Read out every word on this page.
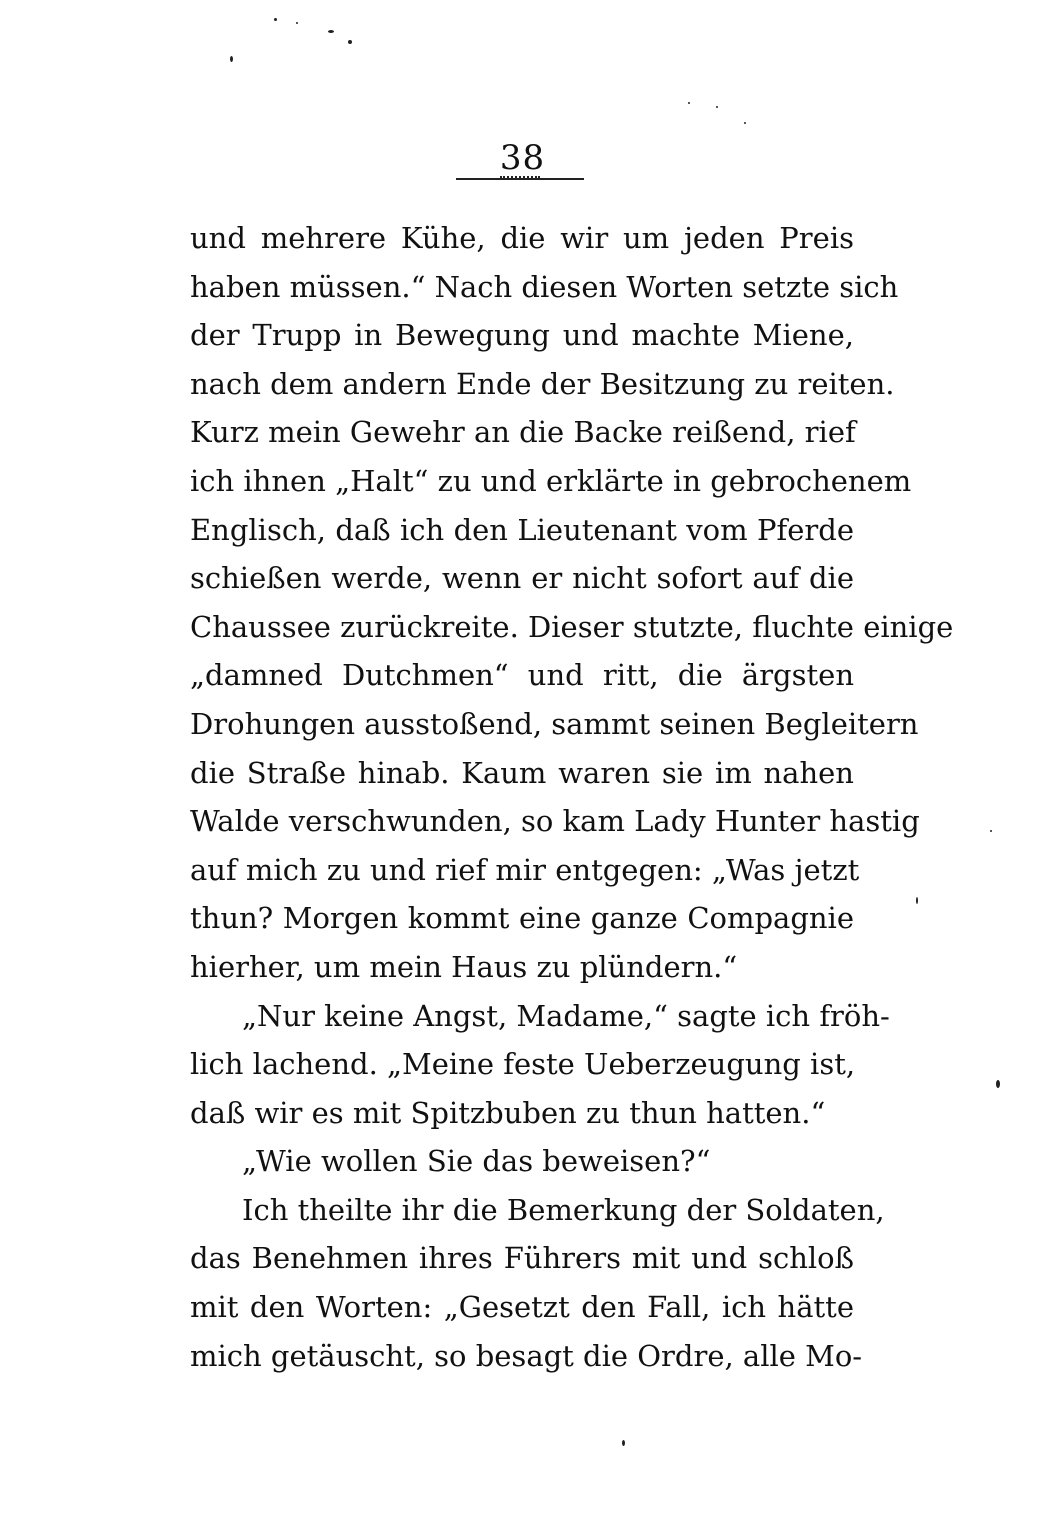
38
und mehrere Kühe, die wir um jeden Preis
haben müssen.“ Nach diesen Worten setzte sich
der Trupp in Bewegung und machte Miene,
nach dem andern Ende der Besitzung zu reiten.
Kurz mein Gewehr an die Backe reißend, rief
ich ihnen „Halt“ zu und erklärte in gebrochenem
Englisch, daß ich den Lieutenant vom Pferde
schießen werde, wenn er nicht sofort auf die
Chaussee zurückreite. Dieser stutzte, fluchte einige
„damned Dutchmen“ und ritt, die ärgsten
Drohungen ausstoßend, sammt seinen Begleitern
die Straße hinab. Kaum waren sie im nahen
Walde verschwunden, so kam Lady Hunter hastig
auf mich zu und rief mir entgegen: „Was jetzt
thun? Morgen kommt eine ganze Compagnie
hierher, um mein Haus zu plündern.“
„Nur keine Angst, Madame,“ sagte ich fröh-
lich lachend. „Meine feste Ueberzeugung ist,
daß wir es mit Spitzbuben zu thun hatten.“
„Wie wollen Sie das beweisen?“
Ich theilte ihr die Bemerkung der Soldaten,
das Benehmen ihres Führers mit und schloß
mit den Worten: „Gesetzt den Fall, ich hätte
mich getäuscht, so besagt die Ordre, alle Mo-
